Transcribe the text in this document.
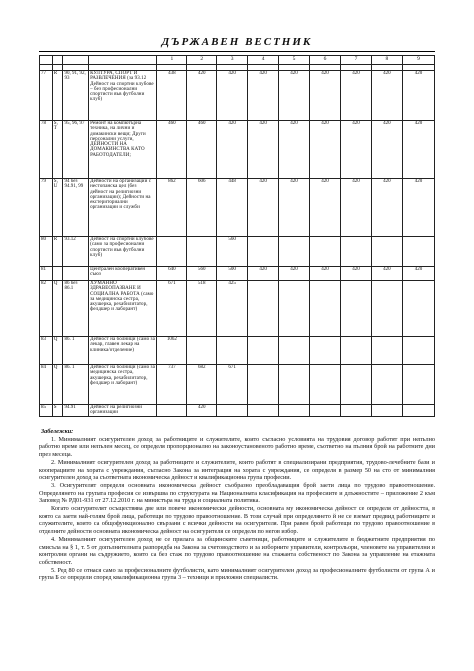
ДЪРЖАВЕН ВЕСТНИК
				1	2	3	4	5	6	7	8	9

77	R	90, 91, 92, 93	КУЛТУРА, СПОРТ И РАЗВЛЕЧЕНИЯ (за 93.12 Дейност на спортни клубове – без професионални спортисти във футболни клуб)	438	420	420	420	420	420	420	420	420
78	S, T	95, 96, 97	Ремонт на компютърна техника, на лични и домакински вещи; Други персонални услуги, ДЕЙНОСТИ НА ДОМАКИНСТВА КАТО РАБОТОДАТЕЛИ;	460	460	420	420	420	420	420	420	420
79	S, U	94 без 94.91, 99	Дейности на организации с нестопанска цел (без дейност на религиозни организации); Дейности на екстериториални организации и служби	862	606	448	420	420	420	420	420	420
80	R	93.12	Дейност на спортни клубове (само за професионални спортисти във футболни клуб)			560						
81			Централен кооперативен съюз	640	560	500	420	420	420	420	420	420
82	Q	86 без 86.1	ХУМАННО ЗДРАВЕОПАЗВАНЕ И СОЦИАЛНА РАБОТА (само за медицинска сестра, акушерка, рехабилитатор, фелдшер и лаборант)	671	518	425						
83	Q	86. 1	Дейност на болници (само за лекар, главен лекар на клиника/отделение)	1062								
84	Q	86. 1	Дейност на болници (само за медицинска сестра, акушерка, рехабилитатор, фелдшер и лаборант)	737	682	671						
85	S	94.91	Дейност на религиозни организации		420							

Забележки:

1. Минималният осигурителен доход за работниците и служителите, които съгласно условията на трудовия договор работят при непълно работно време или непълен месец, се определя пропорционално на законоустановеното работно време, съответно на пълния брой на работните дни през месеца.

2. Минималният осигурителен доход за работниците и служителите, които работят в специализирани предприятия, трудово-лечебните бази и кооперациите на хората с увреждания, съгласно Закона за интеграция на хората с увреждания, се определя в размер 50 на сто от минималния осигурителен доход за съответната икономическа дейност и квалификационна група професии.

3. Осигурителят определя основната икономическа дейност съобразно преобладаващия брой заети лица по трудово правоотношение. Определянето на групата професия се извършва по структурата на Националната класификация на професиите и длъжностите – приложение 2 към Заповед № РД01-931 от 27.12.2010 г. на министъра на труда и социалната политика.

Когато осигурителят осъществява две или повече икономически дейности, основната му икономическа дейност се определя от дейността, в която са заети най-голям брой лица, работещи по трудово правоотношение. В този случай при определянето й не се вземат предвид работниците и служителите, които са общофункционално свързани с всички дейности на осигурителя. При равен брой работещи по трудово правоотношение в отделните дейности основната икономическа дейност на осигурителя се определя по негов избор.

4. Минималният осигурителен доход не се прилага за общинските съветници, работниците и служителите в бюджетните предприятия по смисъла на § 1, т. 5 от допълнителната разпоредба на Закона за счетоводството и за изборните управители, контрольори, членовете на управителни и контролни органи на съдружието, които са без стаж по трудово правоотношение на стажанта собственост по Закона за управление на етажната собственост.

5. Ред 80 се отнася само за професионалните футболисти, като минималният осигурителен доход за професионалните футболисти от група А и група Б се определи според квалификационна група 3 – техници и приложни специалисти.
